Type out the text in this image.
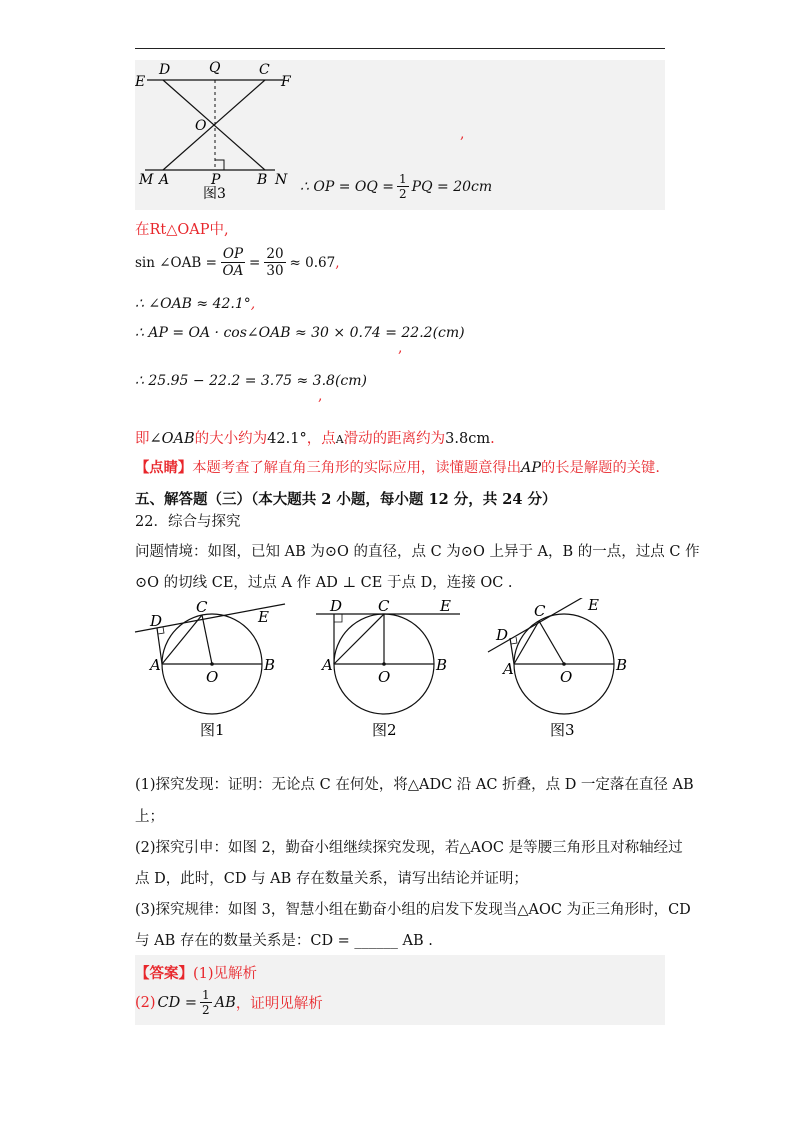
E
D	Q	C
F
O
M A	P	B N
图3
,
∴ OP = OQ = $\frac{1}{2}$ PQ = 20cm
在Rt△OAP中,
sin ∠OAB = $\frac{OP}{OA} = \frac{20}{30} \approx 0.67$ ,
∴ ∠OAB ≈ 42.1°,
∴ AP = OA · cos∠OAB ≈ 30 × 0.74 = 22.2(cm)
,
∴ 25.95 − 22.2 = 3.75 ≈ 3.8(cm)
,
即∠OAB的大小约为42.1°，点A滑动的距离约为3.8cm.
【点睛】本题考查了解直角三角形的实际应用，读懂题意得出AP的长是解题的关键.
五、解答题（三）（本大题共 2 小题，每小题 12 分，共 24 分）
22．综合与探究
问题情境：如图，已知 AB 为⊙O 的直径，点 C 为⊙O 上异于 A，B 的一点，过点 C 作
⊙O 的切线 CE，过点 A 作 AD ⊥ CE 于点 D，连接 OC .
D
C
E
A
O
B
图1
D C	E
A
O
B
图2
D
C	E
A	O
B
图3
(1)探究发现：证明：无论点 C 在何处，将△ADC 沿 AC 折叠，点 D 一定落在直径 AB
上；
(2)探究引申：如图 2，勤奋小组继续探究发现，若△AOC 是等腰三角形且对称轴经过
点 D，此时，CD 与 AB 存在数量关系，请写出结论并证明；
(3)探究规律：如图 3，智慧小组在勤奋小组的启发下发现当△AOC 为正三角形时，CD
与 AB 存在的数量关系是：CD = ______ AB .
【答案】(1)见解析
(2) CD = $\frac{1}{2}$ AB ，证明见解析
